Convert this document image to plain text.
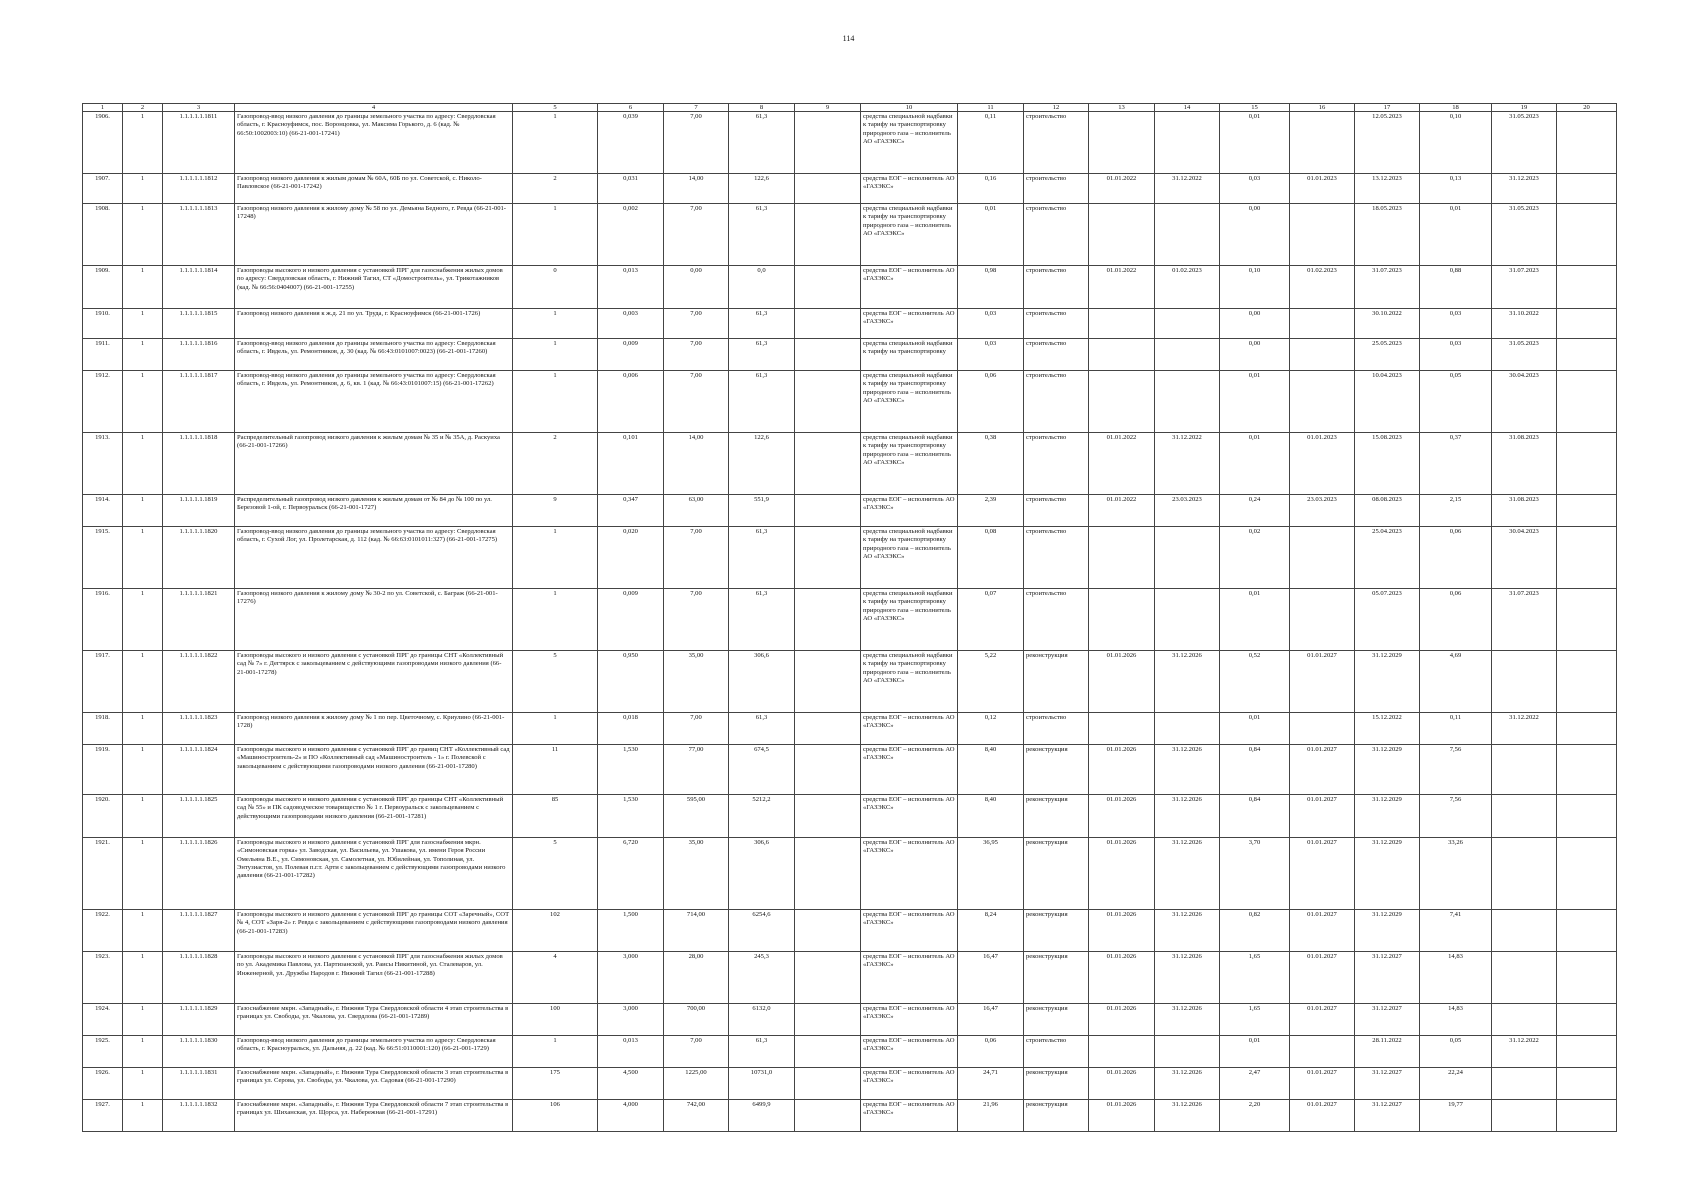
114
1	2	3	4	5	6	7	8	9	10	11	12	13	14	15	16	17	18	19	20
1906.	1	1.1.1.1.1.1811	Газопровод-ввод низкого давления до границы земельного участка по адресу: Свердловская область, г. Красноуфимск, пос. Воронцовка, ул. Максима Горького, д. 6 (кад. № 66:50:1002003:10) (66-21-001-17241)	1	0,039	7,00	61,3		средства специальной надбавки к тарифу на транспортировку природного газа – исполнитель АО «ГАЗЭКС»	0,11	строительство			0,01		12.05.2023	0,10	31.05.2023	
1907.	1	1.1.1.1.1.1812	Газопровод низкого давления к жилым домам № 60А, 60Б по ул. Советской, с. Николо-Павловское (66-21-001-17242)	2	0,031	14,00	122,6		средства ЕОГ – исполнитель АО «ГАЗЭКС»	0,16	строительство	01.01.2022	31.12.2022	0,03	01.01.2023	13.12.2023	0,13	31.12.2023	
1908.	1	1.1.1.1.1.1813	Газопровод низкого давления к жилому дому № 58 по ул. Демьяна Бедного, г. Ревда (66-21-001-17248)	1	0,002	7,00	61,3		средства специальной надбавки к тарифу на транспортировку природного газа – исполнитель АО «ГАЗЭКС»	0,01	строительство			0,00		18.05.2023	0,01	31.05.2023	
1909.	1	1.1.1.1.1.1814	Газопроводы высокого и низкого давления с установкой ПРГ для газоснабжения жилых домов по адресу: Свердловская область, г. Нижний Тагил, СТ «Домостроитель», ул. Трикотажников (кад. № 66:56:0404007) (66-21-001-17255)	0	0,013	0,00	0,0		средства ЕОГ – исполнитель АО «ГАЗЭКС»	0,98	строительство	01.01.2022	01.02.2023	0,10	01.02.2023	31.07.2023	0,88	31.07.2023	
1910.	1	1.1.1.1.1.1815	Газопровод низкого давления к ж.д. 21 по ул. Труда, г. Красноуфимск (66-21-001-1726)	1	0,003	7,00	61,3		средства ЕОГ – исполнитель АО «ГАЗЭКС»	0,03	строительство			0,00		30.10.2022	0,03	31.10.2022	
1911.	1	1.1.1.1.1.1816	Газопровод-ввод низкого давления до границы земельного участка по адресу: Свердловская область, г. Ивдель, ул. Ремонтников, д. 30 (кад. № 66:43:0101007:0023) (66-21-001-17260)	1	0,009	7,00	61,3		средства специальной надбавки к тарифу на транспортировку	0,03	строительство			0,00		25.05.2023	0,03	31.05.2023	
1912.	1	1.1.1.1.1.1817	Газопровод-ввод низкого давления до границы земельного участка по адресу: Свердловская область, г. Ивдель, ул. Ремонтников, д. 6, кв. 1 (кад. № 66:43:0101007:15) (66-21-001-17262)	1	0,006	7,00	61,3		средства специальной надбавки к тарифу на транспортировку природного газа – исполнитель АО «ГАЗЭКС»	0,06	строительство			0,01		10.04.2023	0,05	30.04.2023	
1913.	1	1.1.1.1.1.1818	Распределительный газопровод низкого давления к жилым домам № 35 и № 35А, д. Раскуиха (66-21-001-17266)	2	0,101	14,00	122,6		средства специальной надбавки к тарифу на транспортировку природного газа – исполнитель АО «ГАЗЭКС»	0,38	строительство	01.01.2022	31.12.2022	0,01	01.01.2023	15.08.2023	0,37	31.08.2023	
1914.	1	1.1.1.1.1.1819	Распределительный газопровод низкого давления к жилым домам от № 84 до № 100 по ул. Березовой 1-ой, г. Первоуральск (66-21-001-1727)	9	0,347	63,00	551,9		средства ЕОГ – исполнитель АО «ГАЗЭКС»	2,39	строительство	01.01.2022	23.03.2023	0,24	23.03.2023	08.08.2023	2,15	31.08.2023	
1915.	1	1.1.1.1.1.1820	Газопровод-ввод низкого давления до границы земельного участка по адресу: Свердловская область, г. Сухой Лог, ул. Пролетарская, д. 112 (кад. № 66:63:0101011:327) (66-21-001-17275)	1	0,020	7,00	61,3		средства специальной надбавки к тарифу на транспортировку природного газа – исполнитель АО «ГАЗЭКС»	0,08	строительство			0,02		25.04.2023	0,06	30.04.2023	
1916.	1	1.1.1.1.1.1821	Газопровод низкого давления к жилому дому № 30-2 по ул. Советской, с. Баграж (66-21-001-17276)	1	0,009	7,00	61,3		средства специальной надбавки к тарифу на транспортировку природного газа – исполнитель АО «ГАЗЭКС»	0,07	строительство			0,01		05.07.2023	0,06	31.07.2023	
1917.	1	1.1.1.1.1.1822	Газопроводы высокого и низкого давления с установкой ПРГ до границы СНТ «Коллективный сад № 7» г. Дегтярск с закольцеванием с действующими газопроводами низкого давления (66-21-001-17278)	5	0,950	35,00	306,6		средства специальной надбавки к тарифу на транспортировку природного газа – исполнитель АО «ГАЗЭКС»	5,22	реконструкция	01.01.2026	31.12.2026	0,52	01.01.2027	31.12.2029	4,69		
1918.	1	1.1.1.1.1.1823	Газопровод низкого давления к жилому дому № 1 по пер. Цветочному, с. Криулино (66-21-001-1728)	1	0,018	7,00	61,3		средства ЕОГ – исполнитель АО «ГАЗЭКС»	0,12	строительство			0,01		15.12.2022	0,11	31.12.2022	
1919.	1	1.1.1.1.1.1824	Газопроводы высокого и низкого давления с установкой ПРГ до границ СНТ «Коллективный сад «Машиностроитель-2» и ПО «Коллективный сад «Машиностроитель - 1» г. Полевской с закольцеванием с действующими газопроводами низкого давления (66-21-001-17280)	11	1,530	77,00	674,5		средства ЕОГ – исполнитель АО «ГАЗЭКС»	8,40	реконструкция	01.01.2026	31.12.2026	0,84	01.01.2027	31.12.2029	7,56		
1920.	1	1.1.1.1.1.1825	Газопроводы высокого и низкого давления с установкой ПРГ до границы СНТ «Коллективный сад № 55» и ПК садоводческое товарищество № 1 г. Первоуральск с закольцеванием с действующими газопроводами низкого давления (66-21-001-17281)	85	1,530	595,00	5212,2		средства ЕОГ – исполнитель АО «ГАЗЭКС»	8,40	реконструкция	01.01.2026	31.12.2026	0,84	01.01.2027	31.12.2029	7,56		
1921.	1	1.1.1.1.1.1826	Газопроводы высокого и низкого давления с установкой ПРГ для газоснабжения мкрн. «Симоновская горка» ул. Заводская, ул. Васильева, ул. Ушакова, ул. имени Героя России Омельяна В.Е., ул. Симоновская, ул. Самолетная, ул. Юбилейная, ул. Тополиная, ул. Энтузиастов, ул. Полевая п.г.т. Арти с закольцеванием с действующими газопроводами низкого давления (66-21-001-17282)	5	6,720	35,00	306,6		средства ЕОГ – исполнитель АО «ГАЗЭКС»	36,95	реконструкция	01.01.2026	31.12.2026	3,70	01.01.2027	31.12.2029	33,26		
1922.	1	1.1.1.1.1.1827	Газопроводы высокого и низкого давления с установкой ПРГ до границы СОТ «Заречный», СОТ № 4, СОТ «Заря-2» г. Ревда с закольцеванием с действующими газопроводами низкого давления (66-21-001-17283)	102	1,500	714,00	6254,6		средства ЕОГ – исполнитель АО «ГАЗЭКС»	8,24	реконструкция	01.01.2026	31.12.2026	0,82	01.01.2027	31.12.2029	7,41		
1923.	1	1.1.1.1.1.1828	Газопроводы высокого и низкого давления с установкой ПРГ для газоснабжения жилых домов по ул. Академика Павлова, ул. Партизанской, ул. Раисы Никитиной, ул. Сталеваров, ул. Инженерной, ул. Дружбы Народов г. Нижний Тагил (66-21-001-17288)	4	3,000	28,00	245,3		средства ЕОГ – исполнитель АО «ГАЗЭКС»	16,47	реконструкция	01.01.2026	31.12.2026	1,65	01.01.2027	31.12.2027	14,83		
1924.	1	1.1.1.1.1.1829	Газоснабжение мкрн. «Западный», г. Нижняя Тура Свердловской области 4 этап строительства в границах ул. Свободы, ул. Чкалова, ул. Свердлова (66-21-001-17289)	100	3,000	700,00	6132,0		средства ЕОГ – исполнитель АО «ГАЗЭКС»	16,47	реконструкция	01.01.2026	31.12.2026	1,65	01.01.2027	31.12.2027	14,83		
1925.	1	1.1.1.1.1.1830	Газопровод-ввод низкого давления до границы земельного участка по адресу: Свердловская область, г. Красноуральск, ул. Дальняя, д. 22 (кад. № 66:51:0110001:120) (66-21-001-1729)	1	0,013	7,00	61,3		средства ЕОГ – исполнитель АО «ГАЗЭКС»	0,06	строительство			0,01		28.11.2022	0,05	31.12.2022	
1926.	1	1.1.1.1.1.1831	Газоснабжение мкрн. «Западный», г. Нижняя Тура Свердловской области 3 этап строительства в границах ул. Серова, ул. Свободы, ул. Чкалова, ул. Садовая (66-21-001-17290)	175	4,500	1225,00	10731,0		средства ЕОГ – исполнитель АО «ГАЗЭКС»	24,71	реконструкция	01.01.2026	31.12.2026	2,47	01.01.2027	31.12.2027	22,24		
1927.	1	1.1.1.1.1.1832	Газоснабжение мкрн. «Западный», г. Нижняя Тура Свердловской области 7 этап строительства в границах ул. Шиханская, ул. Щорса, ул. Набережная (66-21-001-17291)	106	4,000	742,00	6499,9		средства ЕОГ – исполнитель АО «ГАЗЭКС»	21,96	реконструкция	01.01.2026	31.12.2026	2,20	01.01.2027	31.12.2027	19,77		
